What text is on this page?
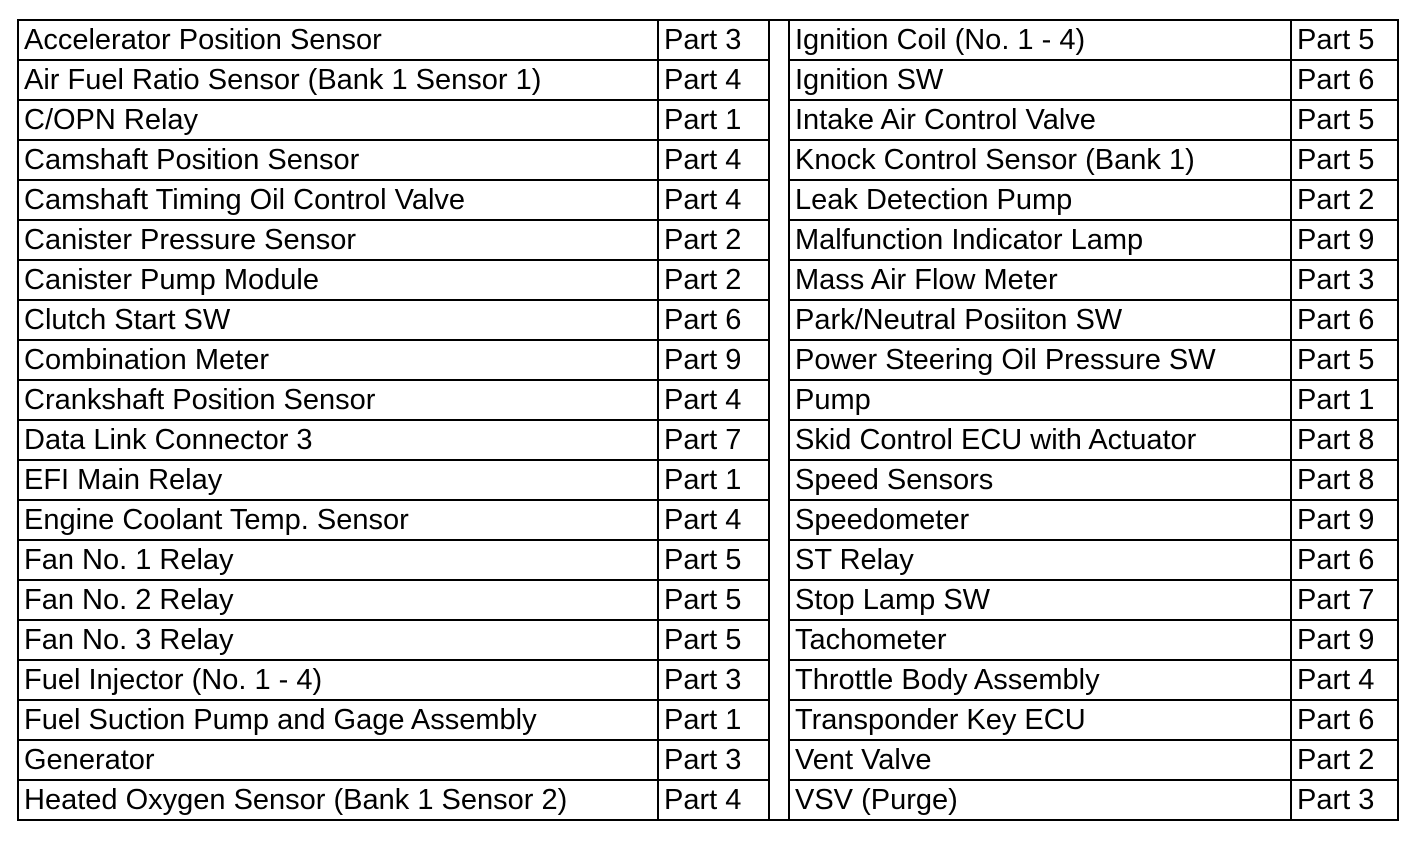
Accelerator Position Sensor	Part 3
Air Fuel Ratio Sensor (Bank 1 Sensor 1)	Part 4
C/OPN Relay	Part 1
Camshaft Position Sensor	Part 4
Camshaft Timing Oil Control Valve	Part 4
Canister Pressure Sensor	Part 2
Canister Pump Module	Part 2
Clutch Start SW	Part 6
Combination Meter	Part 9
Crankshaft Position Sensor	Part 4
Data Link Connector 3	Part 7
EFI Main Relay	Part 1
Engine Coolant Temp. Sensor	Part 4
Fan No. 1 Relay	Part 5
Fan No. 2 Relay	Part 5
Fan No. 3 Relay	Part 5
Fuel Injector (No. 1 - 4)	Part 3
Fuel Suction Pump and Gage Assembly	Part 1
Generator	Part 3
Heated Oxygen Sensor (Bank 1 Sensor 2)	Part 4
Ignition Coil (No. 1 - 4)	Part 5
Ignition SW	Part 6
Intake Air Control Valve	Part 5
Knock Control Sensor (Bank 1)	Part 5
Leak Detection Pump	Part 2
Malfunction Indicator Lamp	Part 9
Mass Air Flow Meter	Part 3
Park/Neutral Posiiton SW	Part 6
Power Steering Oil Pressure SW	Part 5
Pump	Part 1
Skid Control ECU with Actuator	Part 8
Speed Sensors	Part 8
Speedometer	Part 9
ST Relay	Part 6
Stop Lamp SW	Part 7
Tachometer	Part 9
Throttle Body Assembly	Part 4
Transponder Key ECU	Part 6
Vent Valve	Part 2
VSV (Purge)	Part 3
